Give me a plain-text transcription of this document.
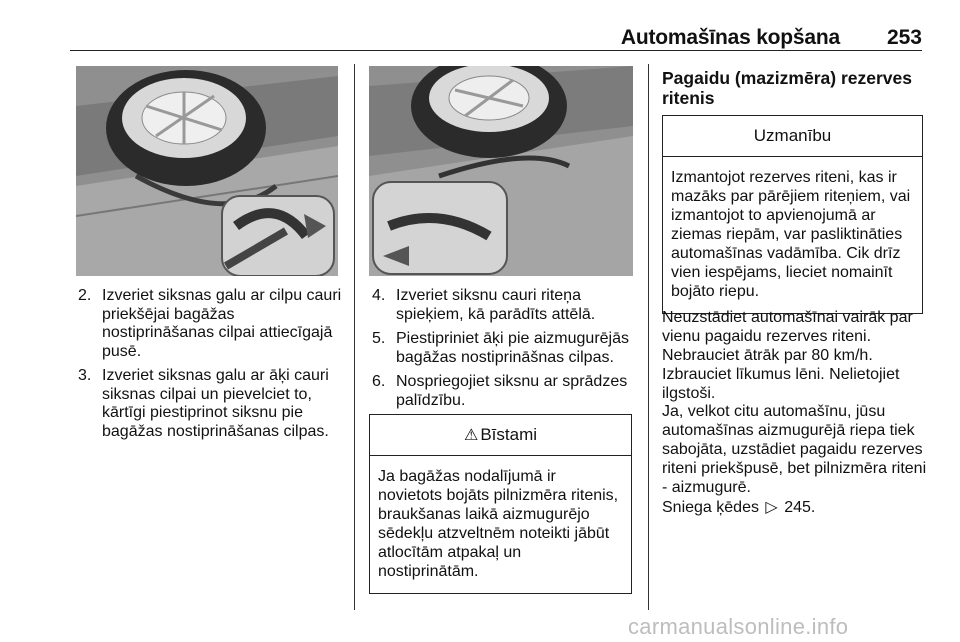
Automašīnas kopšana 253
2. Izveriet siksnas galu ar cilpu cauri priekšējai bagāžas nostiprināšanas cilpai attiecīgajā pusē.
3. Izveriet siksnas galu ar āķi cauri siksnas cilpai un pievelciet to, kārtīgi piestiprinot siksnu pie bagāžas nostiprināšanas cilpas.
4. Izveriet siksnu cauri riteņa spieķiem, kā parādīts attēlā.
5. Piestipriniet āķi pie aizmugurējās bagāžas nostiprināšnas cilpas.
6. Nospriegojiet siksnu ar sprādzes palīdzību.
⚠ Bīstami
Ja bagāžas nodalījumā ir novietots bojāts pilnizmēra ritenis, braukšanas laikā aizmugurējo sēdekļu atzveltnēm noteikti jābūt atlocītām atpakaļ un nostiprinātām.
Pagaidu (mazizmēra) rezerves ritenis
Uzmanību
Izmantojot rezerves riteni, kas ir mazāks par pārējiem riteņiem, vai izmantojot to apvienojumā ar ziemas riepām, var pasliktināties automašīnas vadāmība. Cik drīz vien iespējams, lieciet nomainīt bojāto riepu.

Neuzstādiet automašīnai vairāk par vienu pagaidu rezerves riteni. Nebrauciet ātrāk par 80 km/h. Izbrauciet līkumus lēni. Nelietojiet ilgstoši.

Ja, velkot citu automašīnu, jūsu automašīnas aizmugurējā riepa tiek sabojāta, uzstādiet pagaidu rezerves riteni priekšpusē, bet pilnizmēra riteni - aizmugurē.

Sniega ķēdes ▷ 245.

carmanualsonline.info
